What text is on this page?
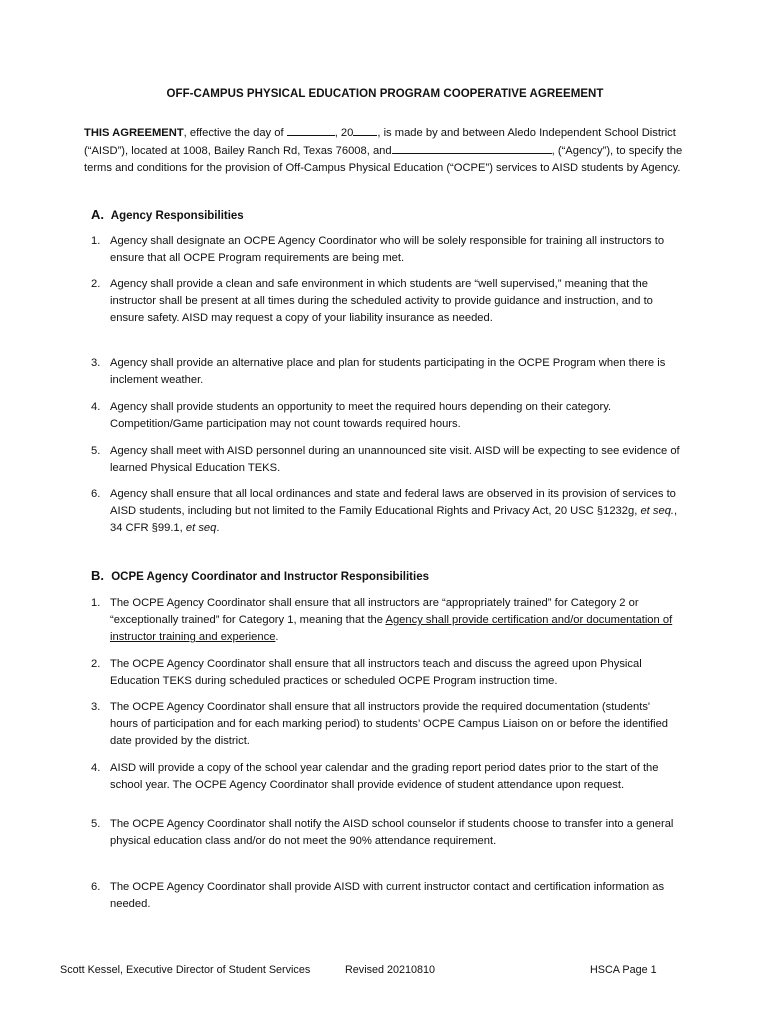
OFF-CAMPUS PHYSICAL EDUCATION PROGRAM COOPERATIVE AGREEMENT
THIS AGREEMENT, effective the day of	, 20 , is made by and between Aledo Independent School District (“AISD”), located at 1008, Bailey Ranch Rd, Texas 76008, and	, (“Agency”), to specify the terms and conditions for the provision of Off-Campus Physical Education (“OCPE”) services to AISD students by Agency.
A. Agency Responsibilities
1. Agency shall designate an OCPE Agency Coordinator who will be solely responsible for training all instructors to ensure that all OCPE Program requirements are being met.
2. Agency shall provide a clean and safe environment in which students are “well supervised,” meaning that the instructor shall be present at all times during the scheduled activity to provide guidance and instruction, and to ensure safety. AISD may request a copy of your liability insurance as needed.
3. Agency shall provide an alternative place and plan for students participating in the OCPE Program when there is inclement weather.
4. Agency shall provide students an opportunity to meet the required hours depending on their category. Competition/Game participation may not count towards required hours.
5. Agency shall meet with AISD personnel during an unannounced site visit. AISD will be expecting to see evidence of learned Physical Education TEKS.
6. Agency shall ensure that all local ordinances and state and federal laws are observed in its provision of services to AISD students, including but not limited to the Family Educational Rights and Privacy Act, 20 USC §1232g, et seq., 34 CFR §99.1, et seq.
B. OCPE Agency Coordinator and Instructor Responsibilities
1. The OCPE Agency Coordinator shall ensure that all instructors are “appropriately trained” for Category 2 or “exceptionally trained” for Category 1, meaning that the Agency shall provide certification and/or documentation of instructor training and experience.
2. The OCPE Agency Coordinator shall ensure that all instructors teach and discuss the agreed upon Physical Education TEKS during scheduled practices or scheduled OCPE Program instruction time.
3. The OCPE Agency Coordinator shall ensure that all instructors provide the required documentation (students' hours of participation and for each marking period) to students’ OCPE Campus Liaison on or before the identified date provided by the district.
4. AISD will provide a copy of the school year calendar and the grading report period dates prior to the start of the school year. The OCPE Agency Coordinator shall provide evidence of student attendance upon request.
5. The OCPE Agency Coordinator shall notify the AISD school counselor if students choose to transfer into a general physical education class and/or do not meet the 90% attendance requirement.
6. The OCPE Agency Coordinator shall provide AISD with current instructor contact and certification information as needed.
Scott Kessel, Executive Director of Student Services	Revised 20210810	HSCA Page 1
